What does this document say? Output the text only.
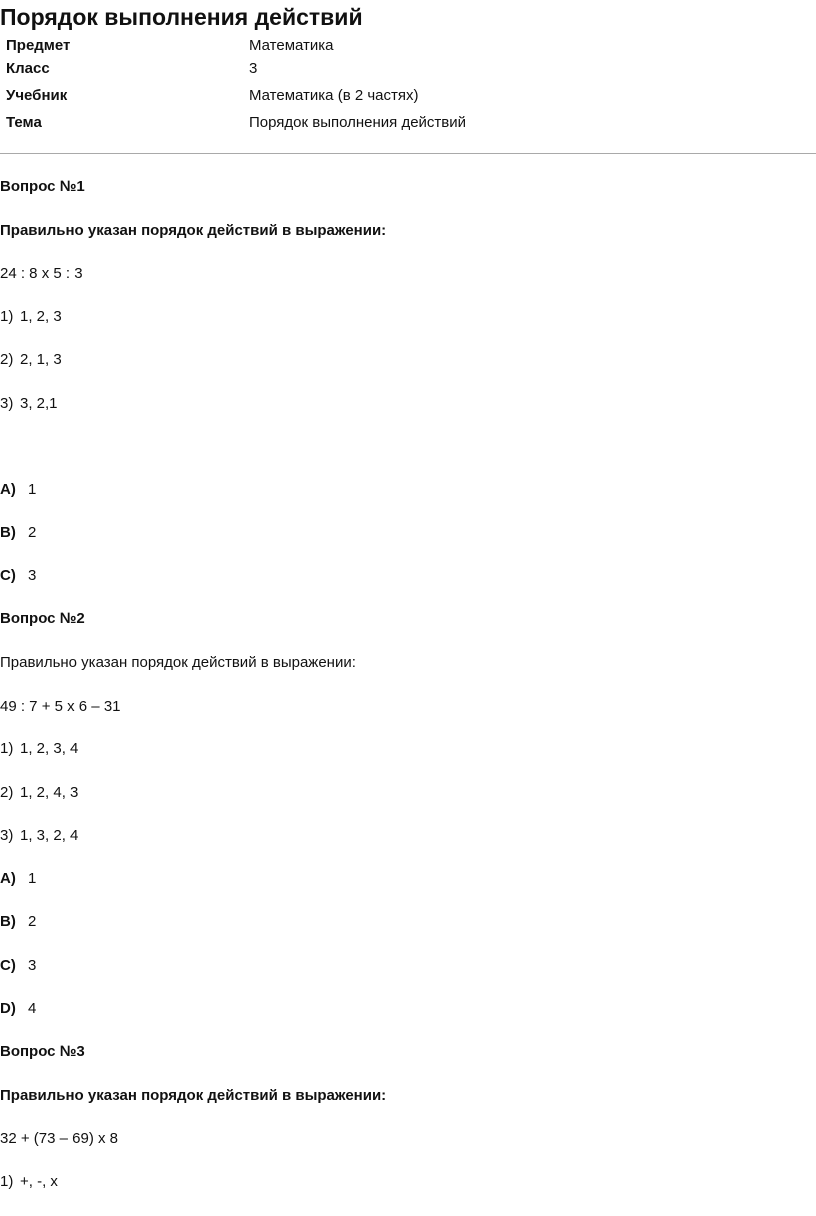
Порядок выполнения действий
Предмет	Математика
Класс	3
Учебник	Математика (в 2 частях)
Тема	Порядок выполнения действий
Вопрос №1
Правильно указан порядок действий в выражении:
24 : 8 х 5 : 3
1) 1, 2, 3
2) 2, 1, 3
3) 3, 2,1
A) 1
B) 2
C) 3
Вопрос №2
Правильно указан порядок действий в выражении:
49 : 7 + 5 х 6 – 31
1) 1, 2, 3, 4
2) 1, 2, 4, 3
3) 1, 3, 2, 4
A) 1
B) 2
C) 3
D) 4
Вопрос №3
Правильно указан порядок действий в выражении:
32 + (73 – 69) х 8
1) +, -, х
